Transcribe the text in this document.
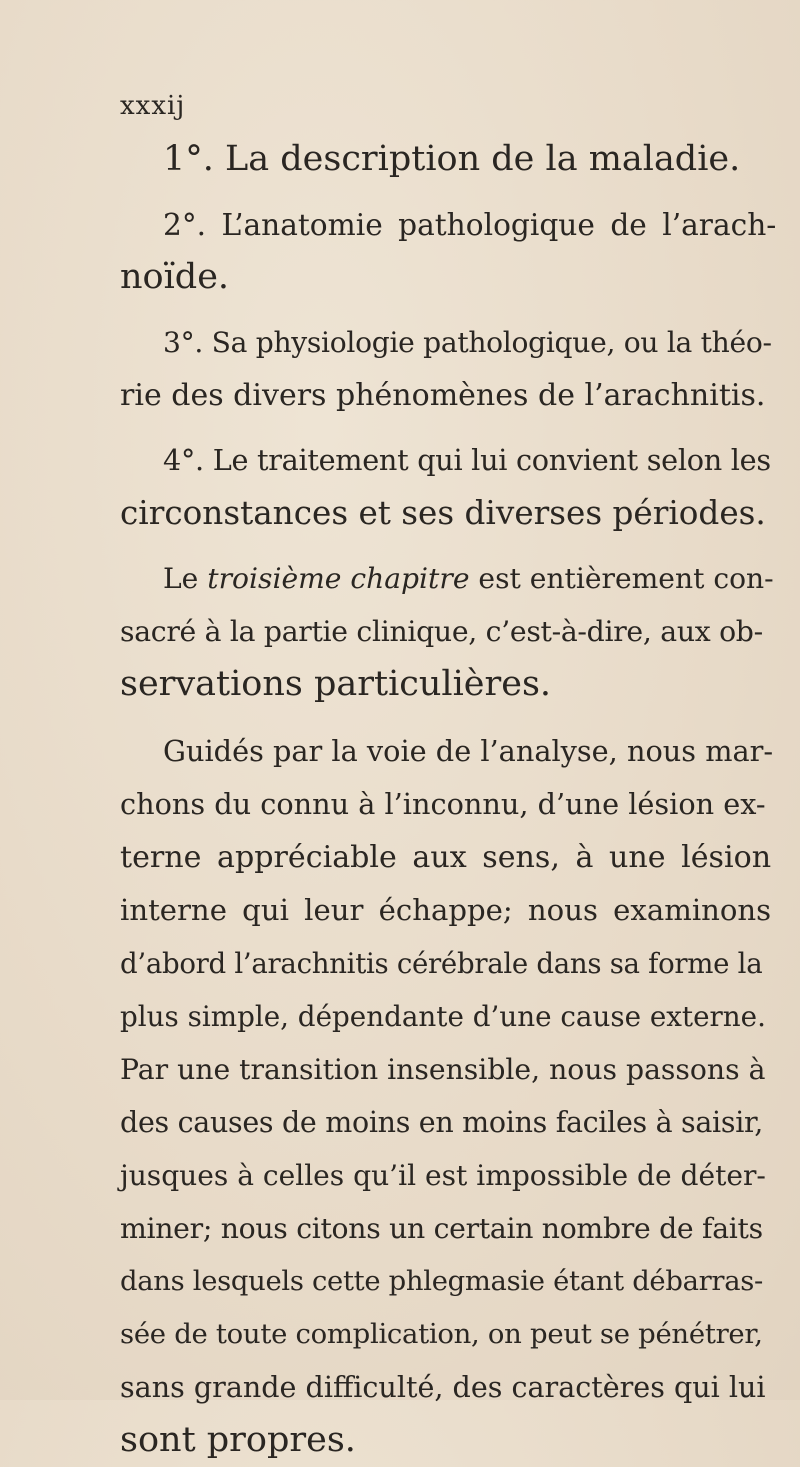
xxxij
1°. La description de la maladie.
2°. L’anatomie pathologique de l’arach-
noïde.
3°. Sa physiologie pathologique, ou la théo-
rie des divers phénomènes de l’arachnitis.
4°. Le traitement qui lui convient selon les
circonstances et ses diverses périodes.
Le troisième chapitre est entièrement con-
sacré à la partie clinique, c’est-à-dire, aux ob-
servations particulières.
Guidés par la voie de l’analyse, nous mar-
chons du connu à l’inconnu, d’une lésion ex-
terne appréciable aux sens, à une lésion
interne qui leur échappe; nous examinons
d’abord l’arachnitis cérébrale dans sa forme la
plus simple, dépendante d’une cause externe.
Par une transition insensible, nous passons à
des causes de moins en moins faciles à saisir,
jusques à celles qu’il est impossible de déter-
miner; nous citons un certain nombre de faits
dans lesquels cette phlegmasie étant débarras-
sée de toute complication, on peut se pénétrer,
sans grande difficulté, des caractères qui lui
sont propres.
